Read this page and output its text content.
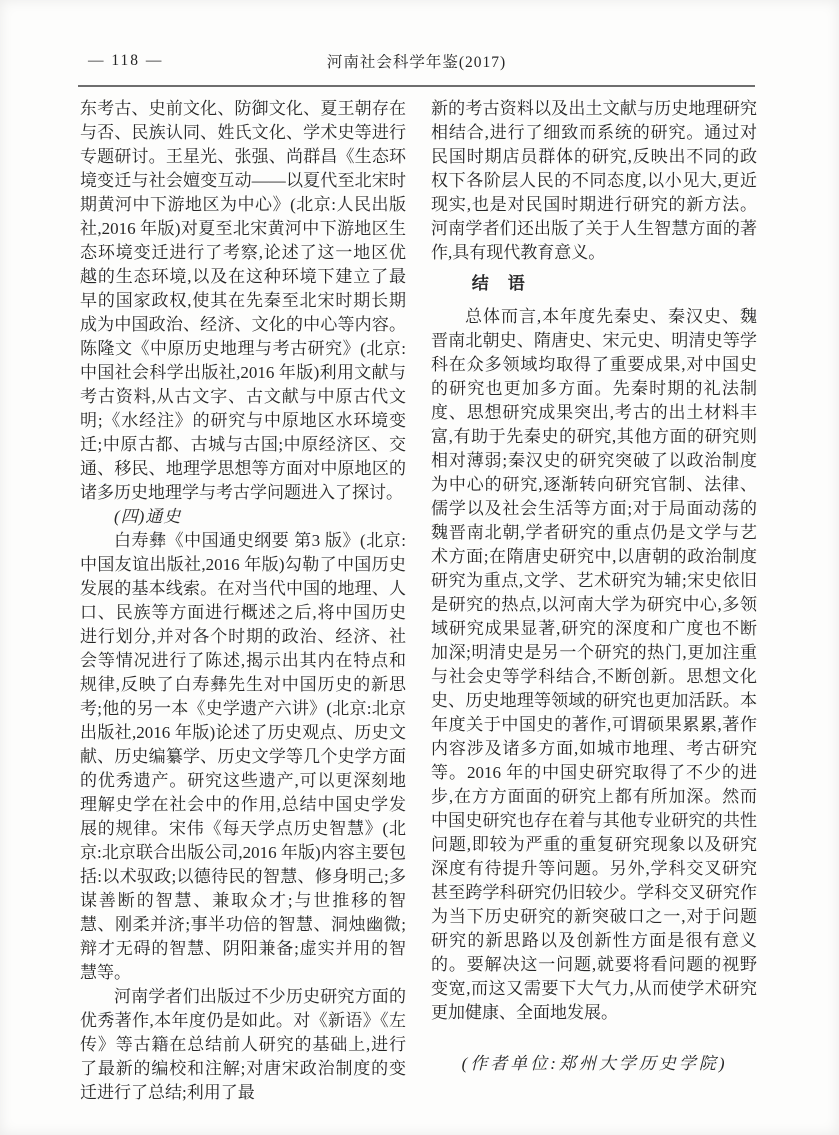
— 118 —	河南社会科学年鉴(2017)

东考古、史前文化、防御文化、夏王朝存在与否、民族认同、姓氏文化、学术史等进行专题研讨。王星光、张强、尚群昌《生态环境变迁与社会嬗变互动——以夏代至北宋时期黄河中下游地区为中心》(北京:人民出版社,2016 年版)对夏至北宋黄河中下游地区生态环境变迁进行了考察,论述了这一地区优越的生态环境,以及在这种环境下建立了最早的国家政权,使其在先秦至北宋时期长期成为中国政治、经济、文化的中心等内容。陈隆文《中原历史地理与考古研究》(北京:中国社会科学出版社,2016 年版)利用文献与考古资料,从古文字、古文献与中原古代文明;《水经注》的研究与中原地区水环境变迁;中原古都、古城与古国;中原经济区、交通、移民、地理学思想等方面对中原地区的诸多历史地理学与考古学问题进入了探讨。

(四)通史

白寿彝《中国通史纲要 第3 版》(北京:中国友谊出版社,2016 年版)勾勒了中国历史发展的基本线索。在对当代中国的地理、人口、民族等方面进行概述之后,将中国历史进行划分,并对各个时期的政治、经济、社会等情况进行了陈述,揭示出其内在特点和规律,反映了白寿彝先生对中国历史的新思考;他的另一本《史学遗产六讲》(北京:北京出版社,2016 年版)论述了历史观点、历史文献、历史编纂学、历史文学等几个史学方面的优秀遗产。研究这些遗产,可以更深刻地理解史学在社会中的作用,总结中国史学发展的规律。宋伟《每天学点历史智慧》(北京:北京联合出版公司,2016 年版)内容主要包括:以术驭政;以德待民的智慧、修身明己;多谋善断的智慧、兼取众才;与世推移的智慧、刚柔并济;事半功倍的智慧、洞烛幽微;辩才无碍的智慧、阴阳兼备;虚实并用的智慧等。

河南学者们出版过不少历史研究方面的优秀著作,本年度仍是如此。对《新语》《左传》等古籍在总结前人研究的基础上,进行了最新的编校和注解;对唐宋政治制度的变迁进行了总结;利用了最

新的考古资料以及出土文献与历史地理研究相结合,进行了细致而系统的研究。通过对民国时期店员群体的研究,反映出不同的政权下各阶层人民的不同态度,以小见大,更近现实,也是对民国时期进行研究的新方法。河南学者们还出版了关于人生智慧方面的著作,具有现代教育意义。

结　语

总体而言,本年度先秦史、秦汉史、魏晋南北朝史、隋唐史、宋元史、明清史等学科在众多领域均取得了重要成果,对中国史的研究也更加多方面。先秦时期的礼法制度、思想研究成果突出,考古的出土材料丰富,有助于先秦史的研究,其他方面的研究则相对薄弱;秦汉史的研究突破了以政治制度为中心的研究,逐渐转向研究官制、法律、儒学以及社会生活等方面;对于局面动荡的魏晋南北朝,学者研究的重点仍是文学与艺术方面;在隋唐史研究中,以唐朝的政治制度研究为重点,文学、艺术研究为辅;宋史依旧是研究的热点,以河南大学为研究中心,多领域研究成果显著,研究的深度和广度也不断加深;明清史是另一个研究的热门,更加注重与社会史等学科结合,不断创新。思想文化史、历史地理等领域的研究也更加活跃。本年度关于中国史的著作,可谓硕果累累,著作内容涉及诸多方面,如城市地理、考古研究等。2016 年的中国史研究取得了不少的进步,在方方面面的研究上都有所加深。然而中国史研究也存在着与其他专业研究的共性问题,即较为严重的重复研究现象以及研究深度有待提升等问题。另外,学科交叉研究甚至跨学科研究仍旧较少。学科交叉研究作为当下历史研究的新突破口之一,对于问题研究的新思路以及创新性方面是很有意义的。要解决这一问题,就要将看问题的视野变宽,而这又需要下大气力,从而使学术研究更加健康、全面地发展。

(作者单位:郑州大学历史学院)
